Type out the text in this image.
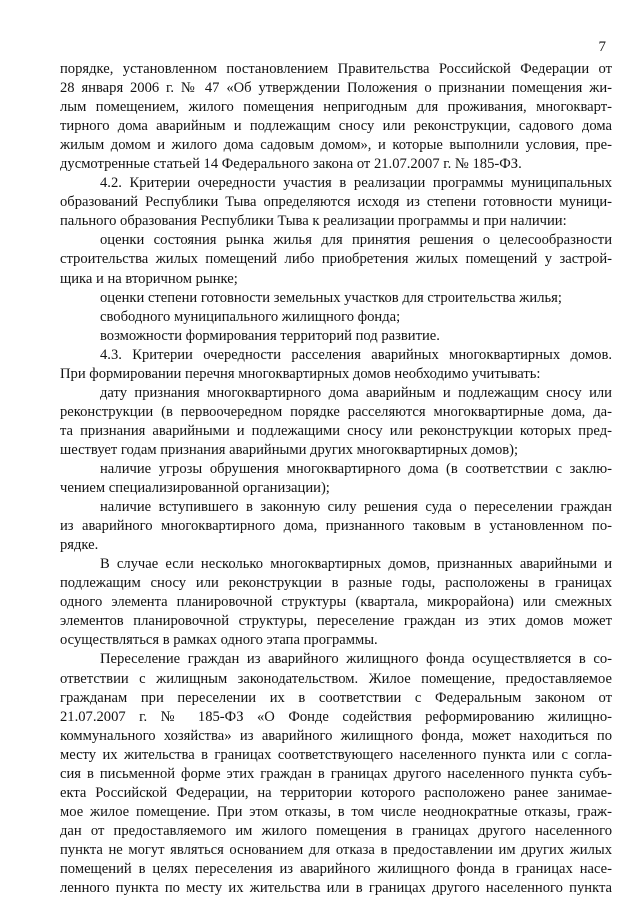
7
порядке, установленном постановлением Правительства Российской Федерации от
28 января 2006 г. № 47 «Об утверждении Положения о признании помещения жи-
лым помещением, жилого помещения непригодным для проживания, многокварт-
тирного дома аварийным и подлежащим сносу или реконструкции, садового дома
жилым домом и жилого дома садовым домом», и которые выполнили условия, пре-
дусмотренные статьей 14 Федерального закона от 21.07.2007 г. № 185-ФЗ.
4.2. Критерии очередности участия в реализации программы муниципальных
образований Республики Тыва определяются исходя из степени готовности муници-
пального образования Республики Тыва к реализации программы и при наличии:
оценки состояния рынка жилья для принятия решения о целесообразности
строительства жилых помещений либо приобретения жилых помещений у застрой-
щика и на вторичном рынке;
оценки степени готовности земельных участков для строительства жилья;
свободного муниципального жилищного фонда;
возможности формирования территорий под развитие.
4.3. Критерии очередности расселения аварийных многоквартирных домов.
При формировании перечня многоквартирных домов необходимо учитывать:
дату признания многоквартирного дома аварийным и подлежащим сносу или
реконструкции (в первоочередном порядке расселяются многоквартирные дома, да-
та признания аварийными и подлежащими сносу или реконструкции которых пред-
шествует годам признания аварийными других многоквартирных домов);
наличие угрозы обрушения многоквартирного дома (в соответствии с заклю-
чением специализированной организации);
наличие вступившего в законную силу решения суда о переселении граждан
из аварийного многоквартирного дома, признанного таковым в установленном по-
рядке.
В случае если несколько многоквартирных домов, признанных аварийными и
подлежащим сносу или реконструкции в разные годы, расположены в границах
одного элемента планировочной структуры (квартала, микрорайона) или смежных
элементов планировочной структуры, переселение граждан из этих домов может
осуществляться в рамках одного этапа программы.
Переселение граждан из аварийного жилищного фонда осуществляется в со-
ответствии с жилищным законодательством. Жилое помещение, предоставляемое
гражданам при переселении их в соответствии с Федеральным законом от
21.07.2007 г. № 185-ФЗ «О Фонде содействия реформированию жилищно-
коммунального хозяйства» из аварийного жилищного фонда, может находиться по
месту их жительства в границах соответствующего населенного пункта или с согла-
сия в письменной форме этих граждан в границах другого населенного пункта субъ-
екта Российской Федерации, на территории которого расположено ранее занимае-
мое жилое помещение. При этом отказы, в том числе неоднократные отказы, граж-
дан от предоставляемого им жилого помещения в границах другого населенного
пункта не могут являться основанием для отказа в предоставлении им других жилых
помещений в целях переселения из аварийного жилищного фонда в границах насе-
ленного пункта по месту их жительства или в границах другого населенного пункта
